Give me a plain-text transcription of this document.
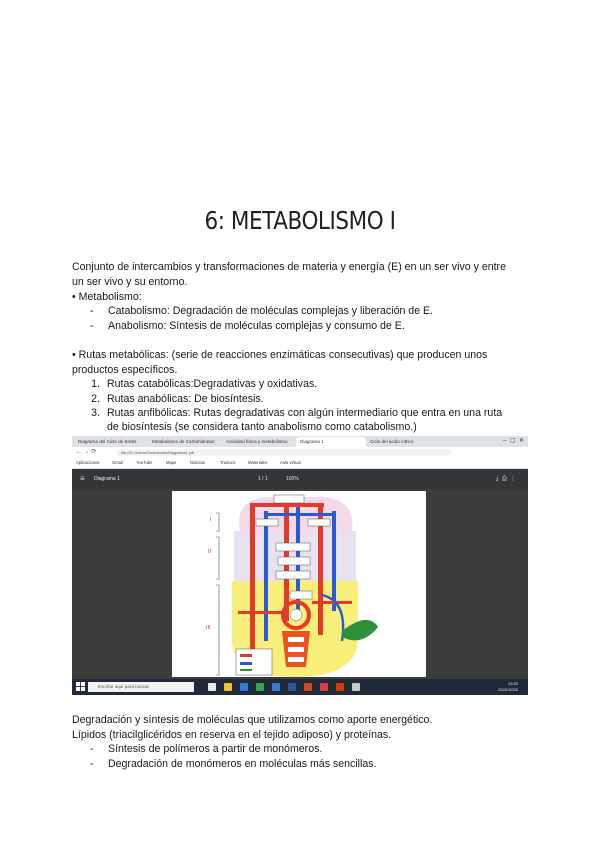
6: METABOLISMO I
Conjunto de intercambios y transformaciones de materia y energía (E) en un ser vivo y entre
un ser vivo y su entorno.
• Metabolismo:
- Catabolismo: Degradación de moléculas complejas y liberación de E.
- Anabolismo: Síntesis de moléculas complejas y consumo de E.
• Rutas metabólicas: (serie de reacciones enzimáticas consecutivas) que producen unos
productos específicos.
1. Rutas catabólicas:Degradativas y oxidativas.
2. Rutas anabólicas: De biosíntesis.
3. Rutas anfibólicas: Rutas degradativas con algún intermediario que entra en una ruta
de biosíntesis (se considera tanto anabolismo como catabolismo.)
Diagrama del Ciclo de Krebs	Metabolismo de Carbohidratos	Actividad física y metabolismo	Diagrama 1	Ciclo del ácido cítrico	–  ▢  ✕
← → ⟳	file:///C:/Users/Downloads/Diagrama1.pdf
Aplicaciones	Gmail	YouTube	Maps	Noticias	Traducir	Materiales	Aula virtual
≡ Diagrama 1	1 / 1	100%	⤓  ⎙  ⋮
I
II
III
Escribe aquí para buscar
13:20
20/11/2020
Degradación y síntesis de moléculas que utilizamos como aporte energético.
Lípidos (triacilglicéridos en reserva en el tejido adiposo) y proteínas.
- Síntesis de polímeros a partir de monómeros.
- Degradación de monómeros en moléculas más sencillas.
